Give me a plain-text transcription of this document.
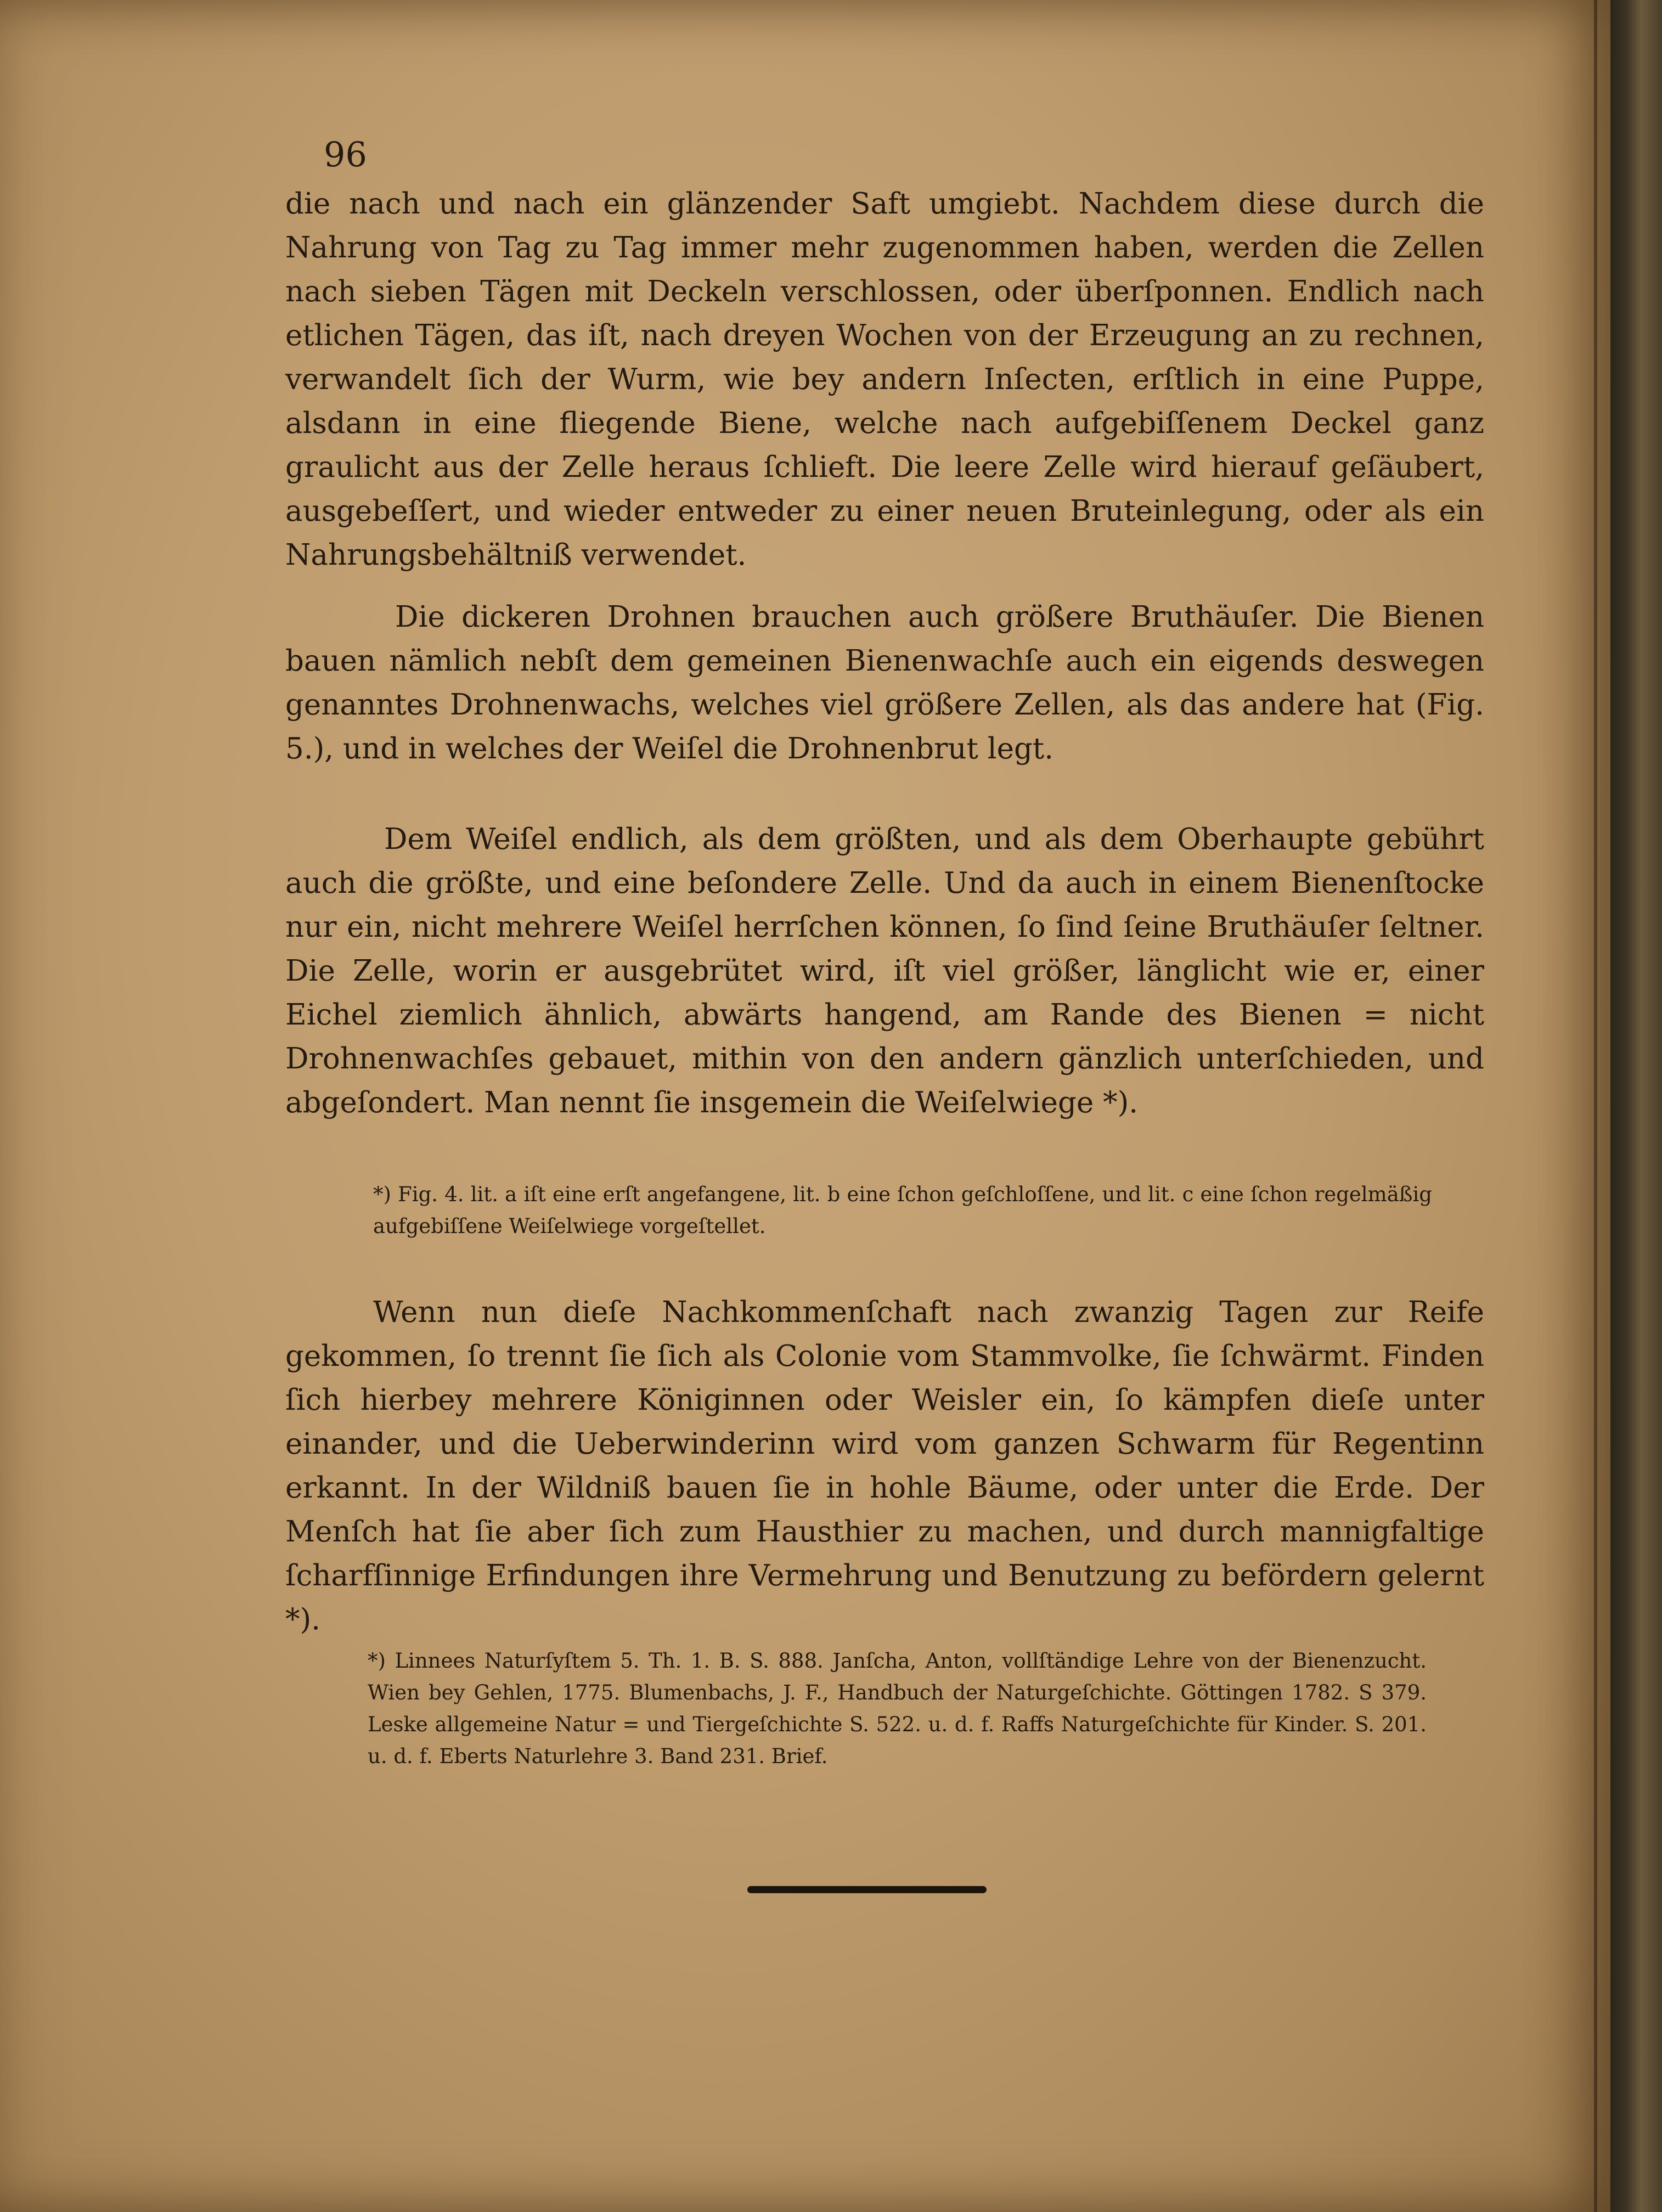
96
die nach und nach ein glänzender Saft umgiebt. Nachdem diese durch die Nahrung von Tag zu Tag immer mehr zugenommen haben, werden die Zellen nach sieben Tägen mit Deckeln verschlossen, oder überſponnen. Endlich nach etlichen Tägen, das iſt, nach dreyen Wochen von der Erzeugung an zu rechnen, verwandelt ſich der Wurm, wie bey andern Inſecten, erſtlich in eine Puppe, alsdann in eine fliegende Biene, welche nach aufgebiſſenem Deckel ganz graulicht aus der Zelle heraus ſchlieft. Die leere Zelle wird hierauf geſäubert, ausgebeſſert, und wieder entweder zu einer neuen Bruteinlegung, oder als ein Nahrungsbehältniß verwendet.
Die dickeren Drohnen brauchen auch größere Bruthäuſer. Die Bienen bauen nämlich nebſt dem gemeinen Bienenwachſe auch ein eigends deswegen genanntes Drohnenwachs, welches viel größere Zellen, als das andere hat (Fig. 5.), und in welches der Weiſel die Drohnenbrut legt.
Dem Weiſel endlich, als dem größten, und als dem Oberhaupte gebührt auch die größte, und eine beſondere Zelle. Und da auch in einem Bienenſtocke nur ein, nicht mehrere Weiſel herrſchen können, ſo ſind ſeine Bruthäuſer ſeltner. Die Zelle, worin er ausgebrütet wird, iſt viel größer, länglicht wie er, einer Eichel ziemlich ähnlich, abwärts hangend, am Rande des Bienen = nicht Drohnenwachſes gebauet, mithin von den andern gänzlich unterſchieden, und abgeſondert. Man nennt ſie insgemein die Weiſelwiege *).
*) Fig. 4. lit. a iſt eine erſt angefangene, lit. b eine ſchon geſchloſſene, und lit. c eine ſchon regelmäßig aufgebiſſene Weiſelwiege vorgeſtellet.
Wenn nun dieſe Nachkommenſchaft nach zwanzig Tagen zur Reife gekommen, ſo trennt ſie ſich als Colonie vom Stammvolke, ſie ſchwärmt. Finden ſich hierbey mehrere Königinnen oder Weisler ein, ſo kämpfen dieſe unter einander, und die Ueberwinderinn wird vom ganzen Schwarm für Regentinn erkannt. In der Wildniß bauen ſie in hohle Bäume, oder unter die Erde. Der Menſch hat ſie aber ſich zum Hausthier zu machen, und durch mannigfaltige ſcharfſinnige Erfindungen ihre Vermehrung und Benutzung zu befördern gelernt *).
*) Linnees Naturſyſtem 5. Th. 1. B. S. 888. Janſcha, Anton, vollſtändige Lehre von der Bienenzucht. Wien bey Gehlen, 1775. Blumenbachs, J. F., Handbuch der Naturgeſchichte. Göttingen 1782. S 379. Leske allgemeine Natur = und Tiergeſchichte S. 522. u. d. f. Raffs Naturgeſchichte für Kinder. S. 201. u. d. f. Eberts Naturlehre 3. Band 231. Brief.
